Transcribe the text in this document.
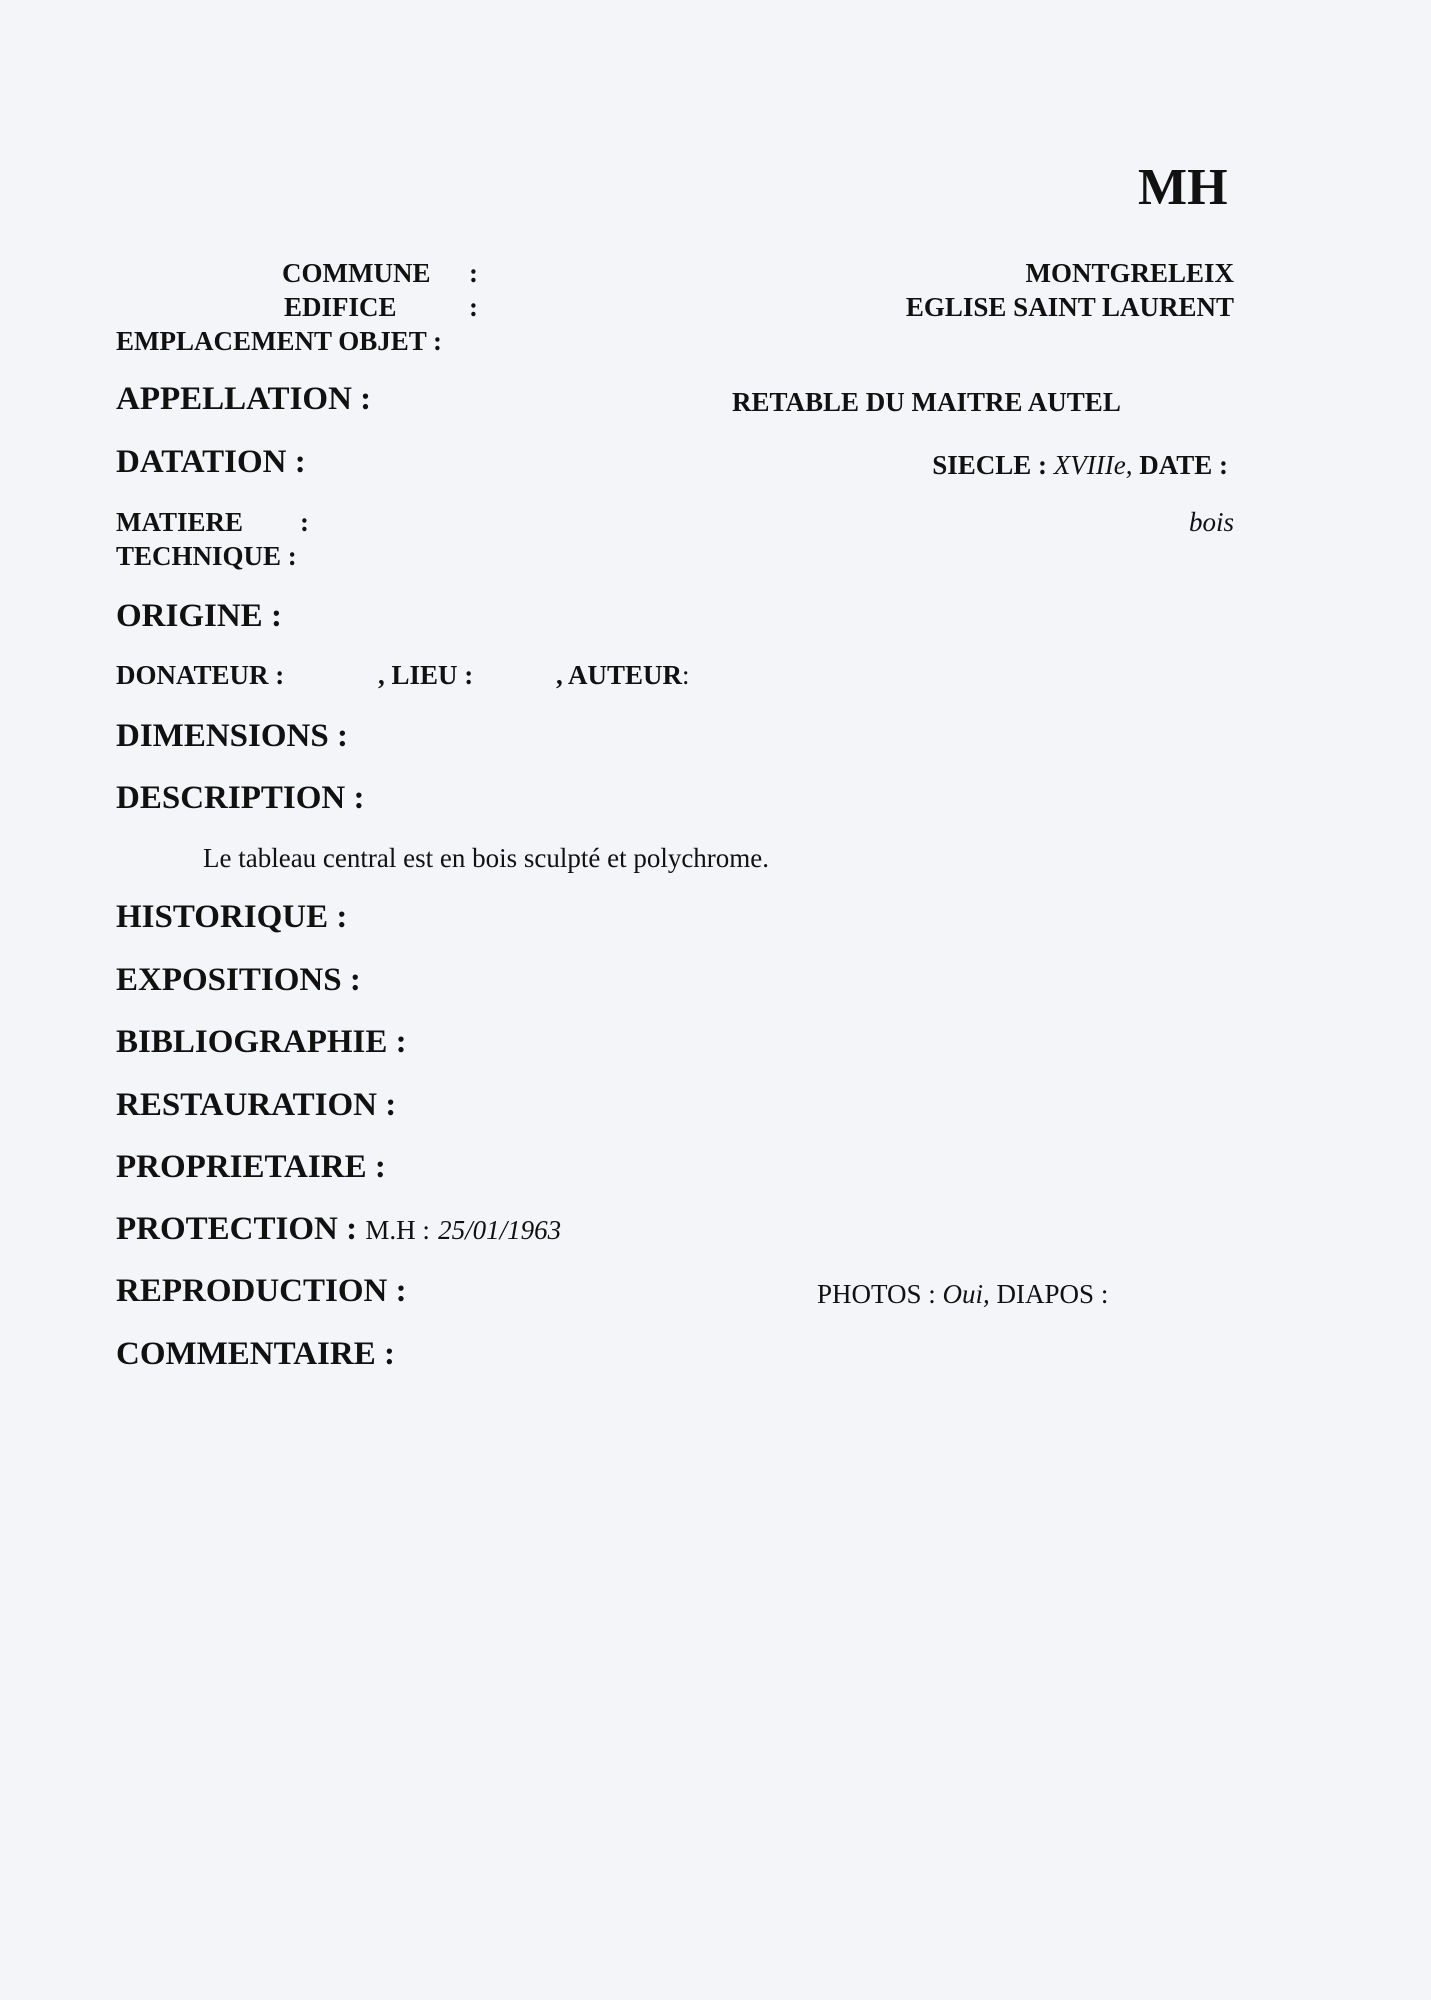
MH
COMMUNE :	MONTGRELEIX
EDIFICE	:	EGLISE SAINT LAURENT
EMPLACEMENT OBJET :
APPELLATION :	RETABLE DU MAITRE AUTEL
DATATION :	SIECLE : XVIIIe, DATE :
MATIERE :	bois
TECHNIQUE :
ORIGINE :
DONATEUR :	, LIEU :	, AUTEUR:
DIMENSIONS :
DESCRIPTION :
Le tableau central est en bois sculpté et polychrome.
HISTORIQUE :
EXPOSITIONS :
BIBLIOGRAPHIE :
RESTAURATION :
PROPRIETAIRE :
PROTECTION : M.H : 25/01/1963
REPRODUCTION :	PHOTOS : Oui, DIAPOS :
COMMENTAIRE :
